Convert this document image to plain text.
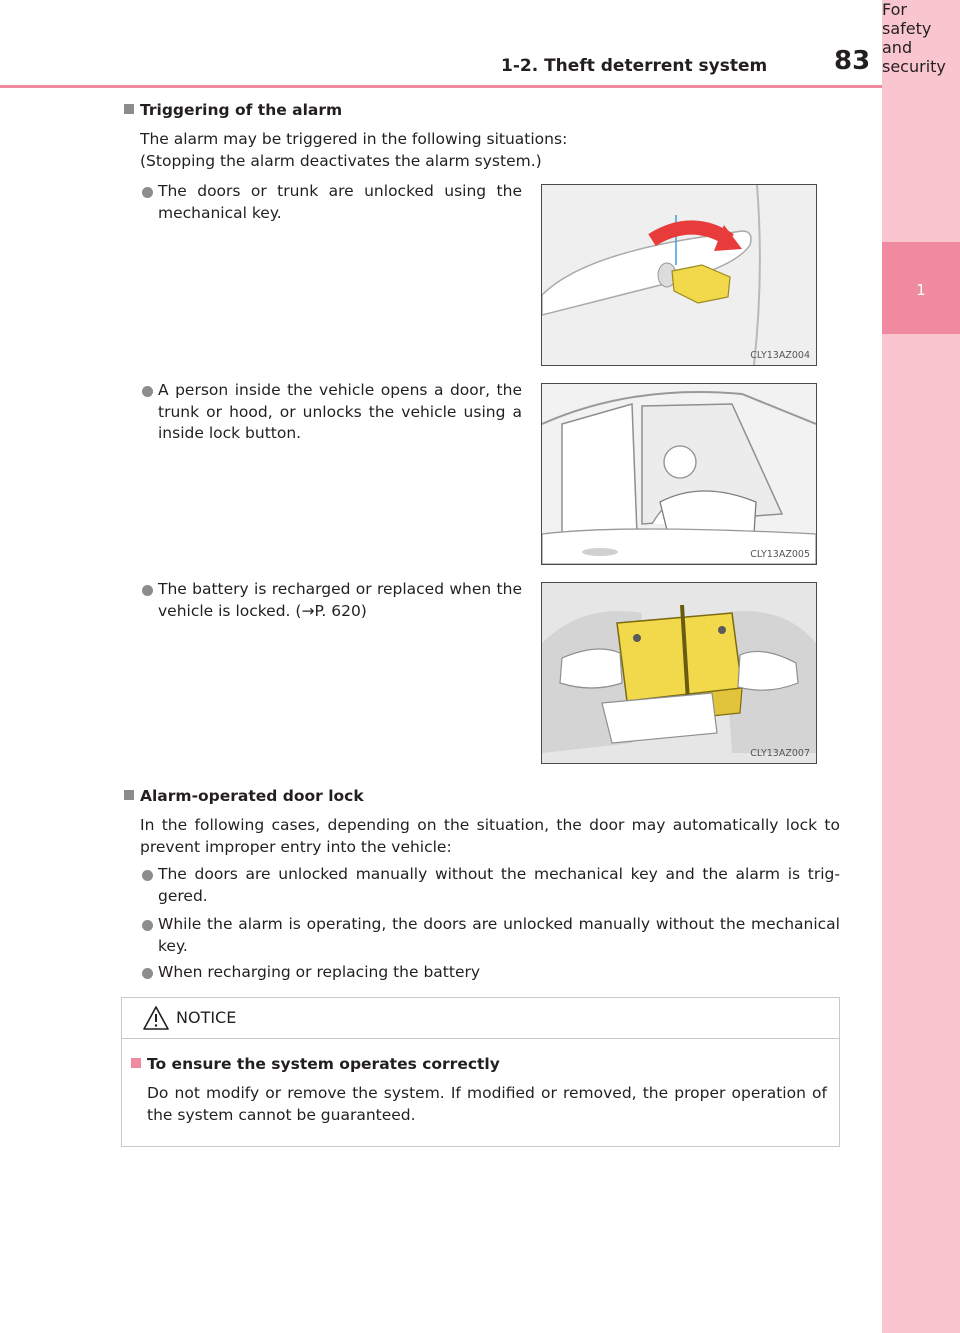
1-2. Theft deterrent system	83
1
For safety and security
Triggering of the alarm
The alarm may be triggered in the following situations:
(Stopping the alarm deactivates the alarm system.)
The doors or trunk are unlocked using the mechanical key.
CLY13AZ004
A person inside the vehicle opens a door, the trunk or hood, or unlocks the vehicle using a inside lock button.
CLY13AZ005
The battery is recharged or replaced when the vehicle is locked. (→P. 620)
CLY13AZ007
Alarm-operated door lock
In the following cases, depending on the situation, the door may automatically lock to prevent improper entry into the vehicle:
The doors are unlocked manually without the mechanical key and the alarm is trig-gered.
While the alarm is operating, the doors are unlocked manually without the mechanical key.
When recharging or replacing the battery
NOTICE
To ensure the system operates correctly
Do not modify or remove the system. If modified or removed, the proper operation of the system cannot be guaranteed.
